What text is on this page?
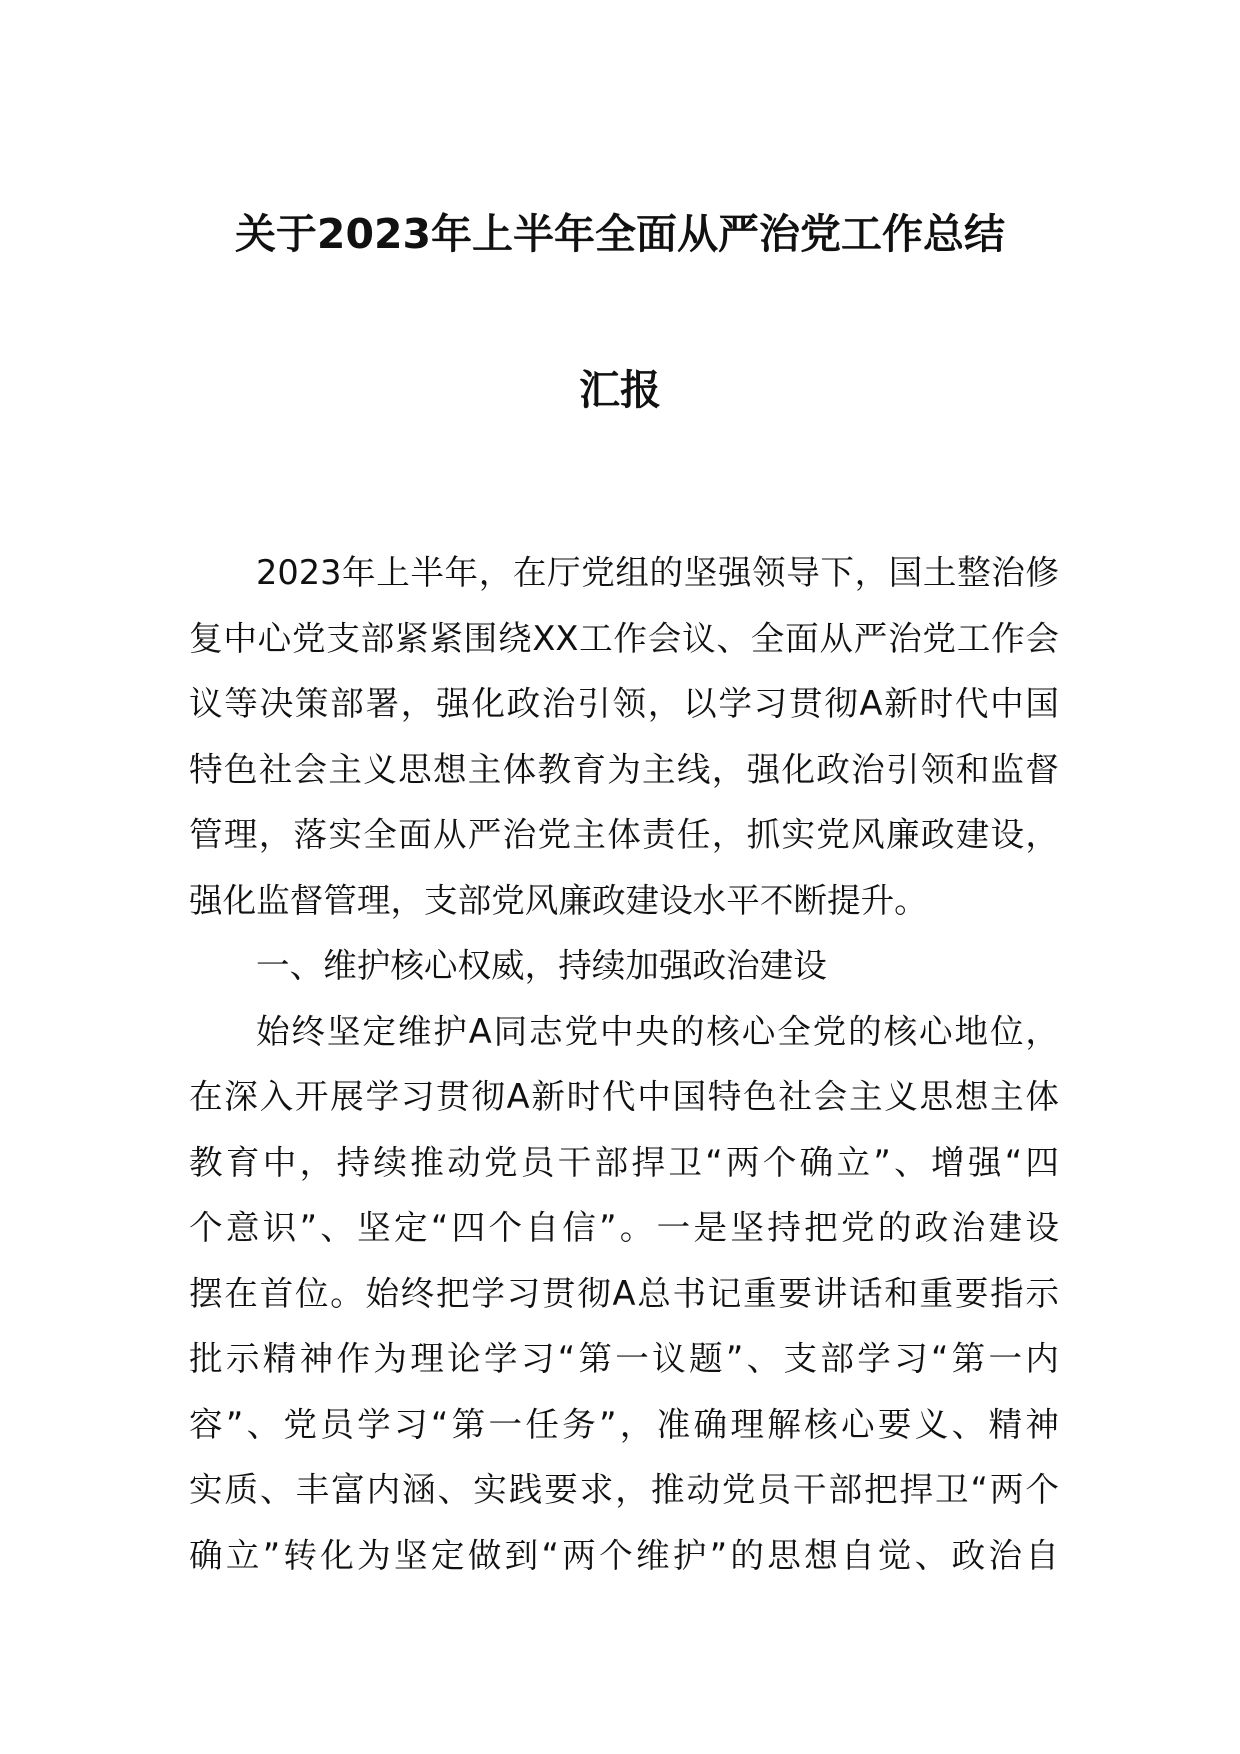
关于2023年上半年全面从严治党工作总结
汇报
2023年上半年，在厅党组的坚强领导下，国土整治修
复中心党支部紧紧围绕XX工作会议、全面从严治党工作会
议等决策部署，强化政治引领，以学习贯彻A新时代中国
特色社会主义思想主体教育为主线，强化政治引领和监督
管理，落实全面从严治党主体责任，抓实党风廉政建设，
强化监督管理，支部党风廉政建设水平不断提升。
一、维护核心权威，持续加强政治建设
始终坚定维护A同志党中央的核心全党的核心地位，
在深入开展学习贯彻A新时代中国特色社会主义思想主体
教育中，持续推动党员干部捍卫“两个确立”、增强“四
个意识”、坚定“四个自信”。一是坚持把党的政治建设
摆在首位。始终把学习贯彻A总书记重要讲话和重要指示
批示精神作为理论学习“第一议题”、支部学习“第一内
容”、党员学习“第一任务”，准确理解核心要义、精神
实质、丰富内涵、实践要求，推动党员干部把捍卫“两个
确立”转化为坚定做到“两个维护”的思想自觉、政治自
